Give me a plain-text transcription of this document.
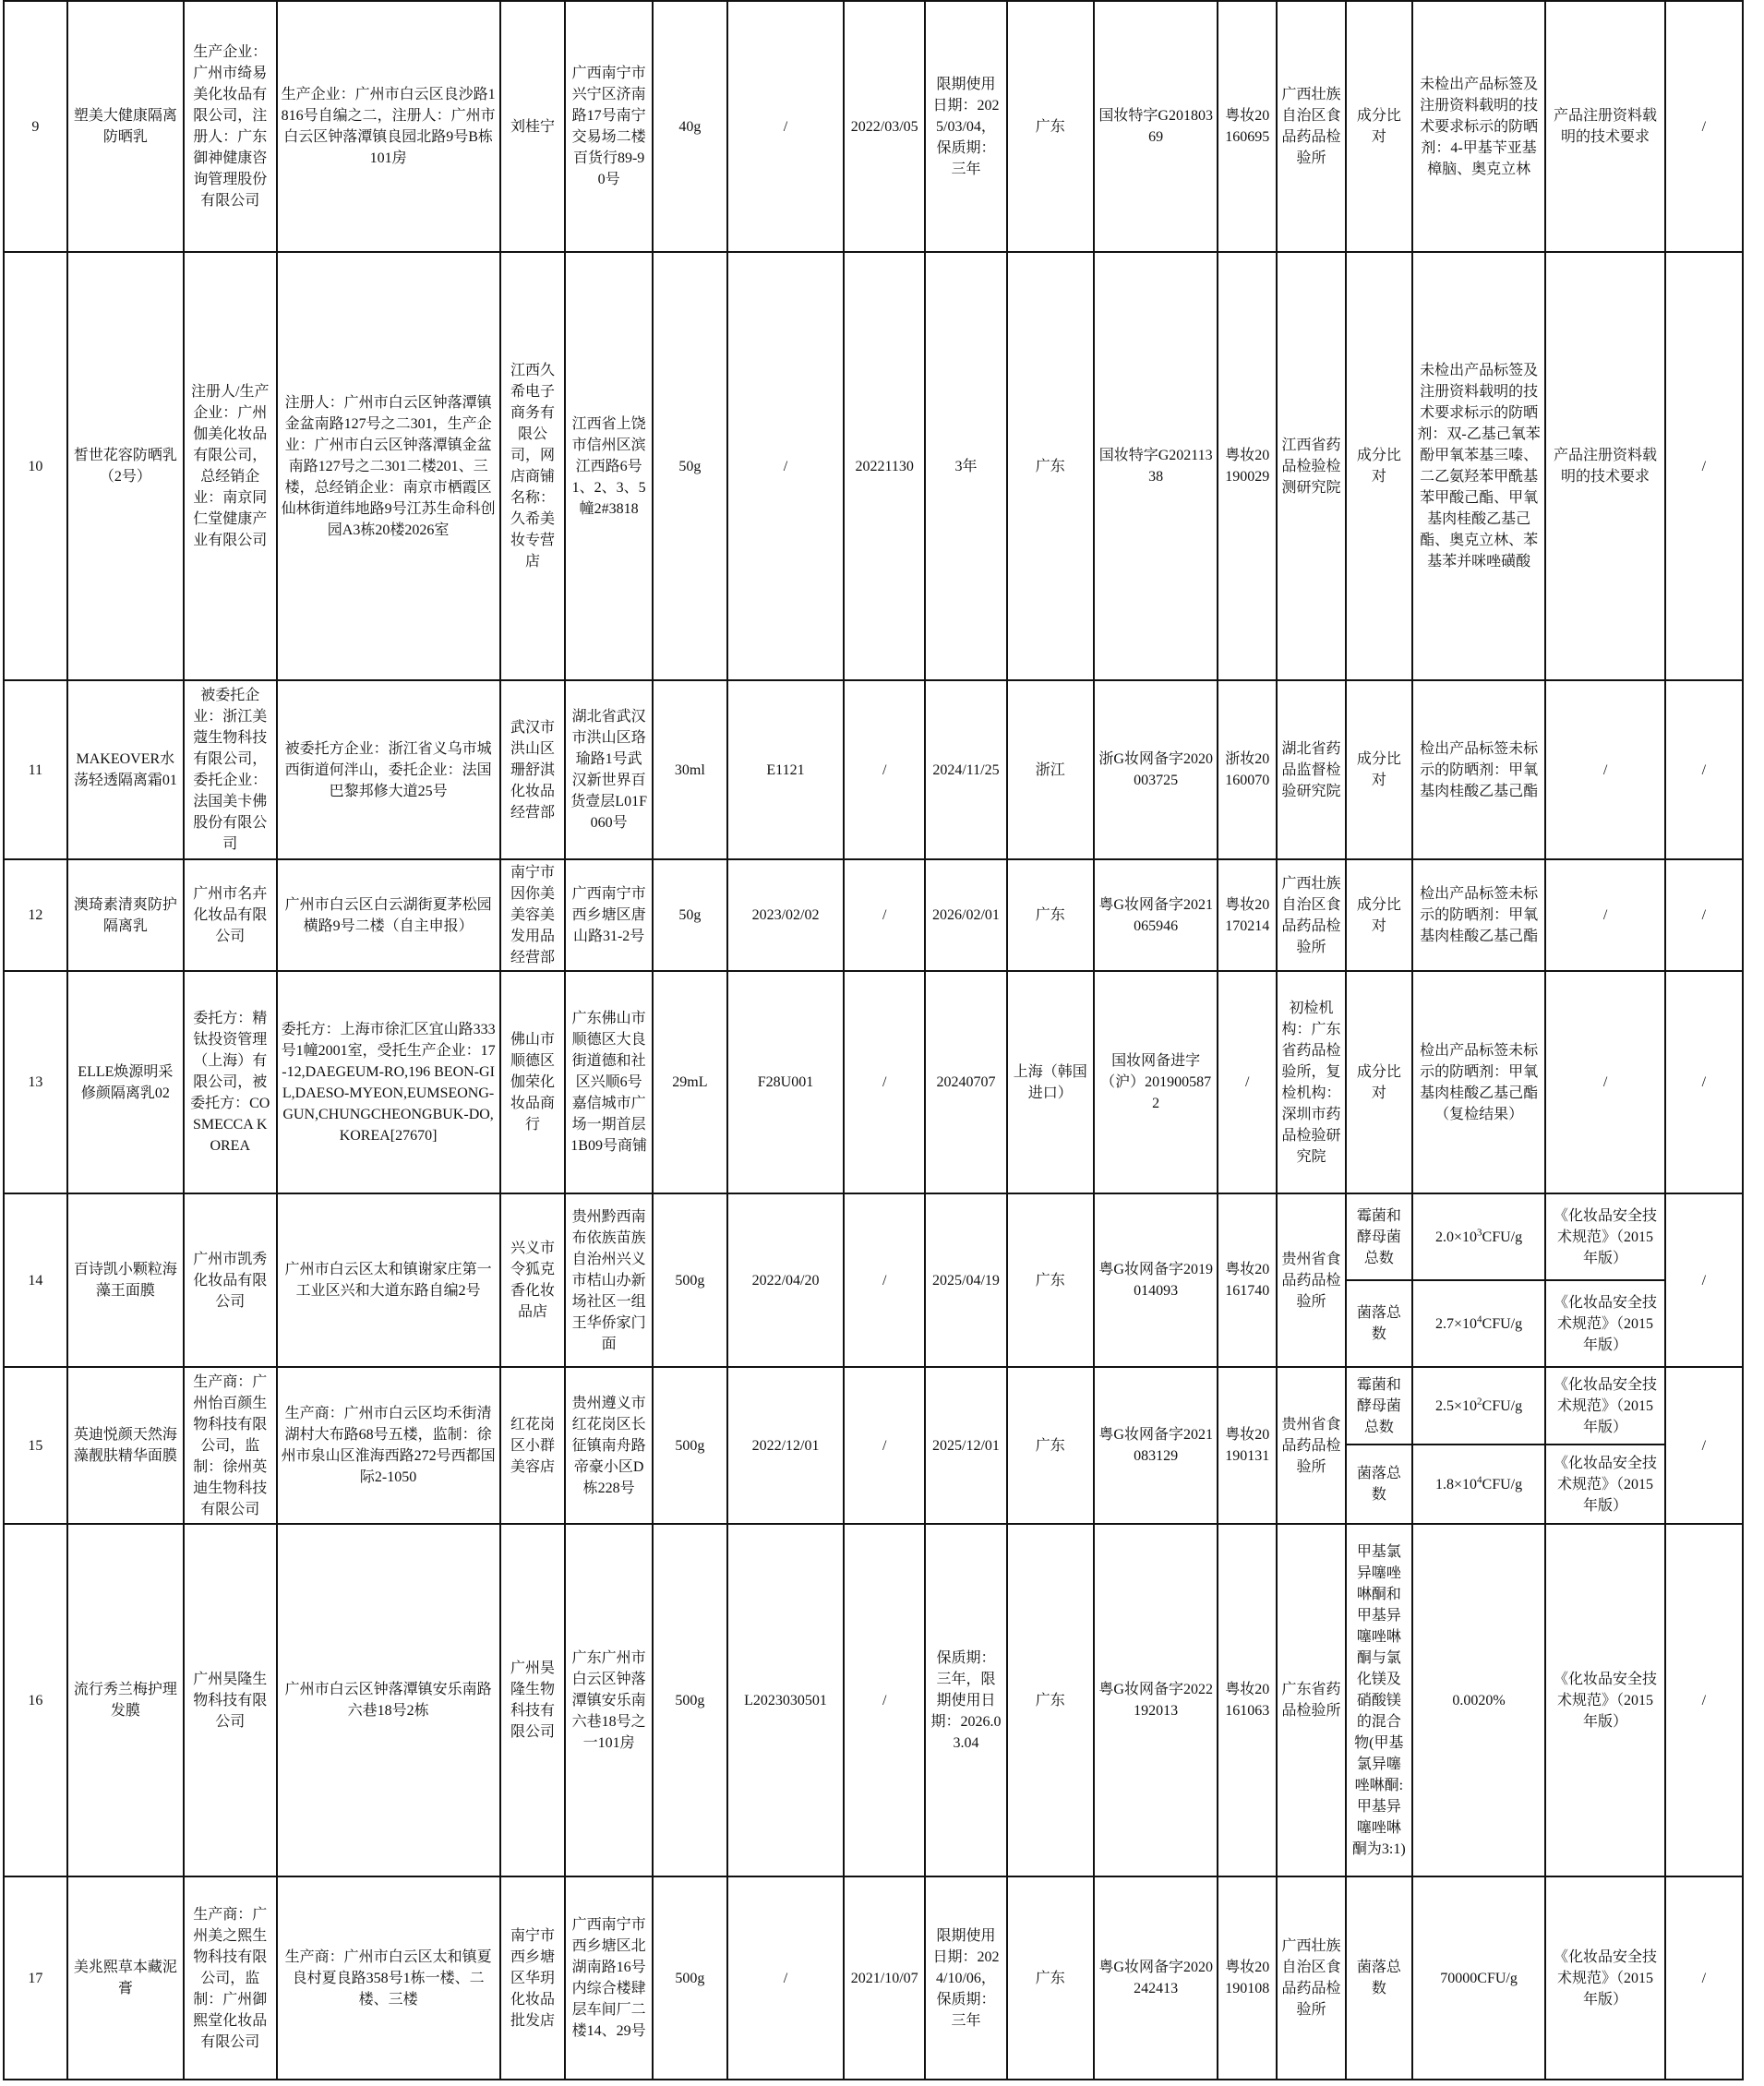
9	塑美大健康隔离防晒乳	生产企业：广州市绮易美化妆品有限公司，注册人：广东御神健康咨询管理股份有限公司	生产企业：广州市白云区良沙路1816号自编之二，注册人：广州市白云区钟落潭镇良园北路9号B栋101房	刘桂宁	广西南宁市兴宁区济南路17号南宁交易场二楼百货行89-90号	40g	/	2022/03/05	限期使用日期：2025/03/04，保质期：三年	广东	国妆特字G20180369	粤妆20160695	广西壮族自治区食品药品检验所	成分比对	未检出产品标签及注册资料载明的技术要求标示的防晒剂：4-甲基苄亚基樟脑、奥克立林	产品注册资料载明的技术要求	/
10	皙世花容防晒乳（2号）	注册人/生产企业：广州伽美化妆品有限公司，总经销企业：南京同仁堂健康产业有限公司	注册人：广州市白云区钟落潭镇金盆南路127号之二301，生产企业：广州市白云区钟落潭镇金盆南路127号之二301二楼201、三楼，总经销企业：南京市栖霞区仙林街道纬地路9号江苏生命科创园A3栋20楼2026室	江西久希电子商务有限公司，网店商铺名称：久希美妆专营店	江西省上饶市信州区滨江西路6号1、2、3、5幢2#3818	50g	/	20221130	3年	广东	国妆特字G20211338	粤妆20190029	江西省药品检验检测研究院	成分比对	未检出产品标签及注册资料载明的技术要求标示的防晒剂：双-乙基己氧苯酚甲氧苯基三嗪、二乙氨羟苯甲酰基苯甲酸己酯、甲氧基肉桂酸乙基己酯、奥克立林、苯基苯并咪唑磺酸	产品注册资料载明的技术要求	/
11	MAKEOVER水荡轻透隔离霜01	被委托企业：浙江美蔻生物科技有限公司，委托企业：法国美卡佛股份有限公司	被委托方企业：浙江省义乌市城西街道何泮山，委托企业：法国巴黎邦修大道25号	武汉市洪山区珊舒淇化妆品经营部	湖北省武汉市洪山区珞瑜路1号武汉新世界百货壹层L01F060号	30ml	E1121	/	2024/11/25	浙江	浙G妆网备字2020003725	浙妆20160070	湖北省药品监督检验研究院	成分比对	检出产品标签未标示的防晒剂：甲氧基肉桂酸乙基己酯	/	/
12	澳琦素清爽防护隔离乳	广州市名卉化妆品有限公司	广州市白云区白云湖街夏茅松园横路9号二楼（自主申报）	南宁市因你美美容美发用品经营部	广西南宁市西乡塘区唐山路31-2号	50g	2023/02/02	/	2026/02/01	广东	粤G妆网备字2021065946	粤妆20170214	广西壮族自治区食品药品检验所	成分比对	检出产品标签未标示的防晒剂：甲氧基肉桂酸乙基己酯	/	/
13	ELLE焕源明采修颜隔离乳02	委托方：精钛投资管理（上海）有限公司，被委托方：COSMECCA KOREA	委托方：上海市徐汇区宜山路333号1幢2001室，受托生产企业：17-12,DAEGEUM-RO,196 BEON-GIL,DAESO-MYEON,EUMSEONG-GUN,CHUNGCHEONGBUK-DO,KOREA[27670]	佛山市顺德区伽荣化妆品商行	广东佛山市顺德区大良街道德和社区兴顺6号嘉信城市广场一期首层1B09号商铺	29mL	F28U001	/	20240707	上海（韩国进口）	国妆网备进字（沪）2019005872	/	初检机构：广东省药品检验所，复检机构：深圳市药品检验研究院	成分比对	检出产品标签未标示的防晒剂：甲氧基肉桂酸乙基己酯（复检结果）	/	/
14	百诗凯小颗粒海藻王面膜	广州市凯秀化妆品有限公司	广州市白云区太和镇谢家庄第一工业区兴和大道东路自编2号	兴义市令狐克香化妆品店	贵州黔西南布依族苗族自治州兴义市桔山办新场社区一组王华侨家门面	500g	2022/04/20	/	2025/04/19	广东	粤G妆网备字2019014093	粤妆20161740	贵州省食品药品检验所	霉菌和酵母菌总数	$2.0\times 10^3CFU/g$	《化妆品安全技术规范》（2015年版）	/
														菌落总数	$2.7\times 10^4CFU/g$	《化妆品安全技术规范》（2015年版）	
15	英迪悦颜天然海藻靓肤精华面膜	生产商：广州怡百颜生物科技有限公司，监制：徐州英迪生物科技有限公司	生产商：广州市白云区均禾街清湖村大布路68号五楼，监制：徐州市泉山区淮海西路272号西都国际2-1050	红花岗区小群美容店	贵州遵义市红花岗区长征镇南舟路帝豪小区D栋228号	500g	2022/12/01	/	2025/12/01	广东	粤G妆网备字2021083129	粤妆20190131	贵州省食品药品检验所	霉菌和酵母菌总数	$2.5\times 10^2CFU/g$	《化妆品安全技术规范》（2015年版）	/
														菌落总数	$1.8\times 10^4CFU/g$	《化妆品安全技术规范》（2015年版）	
16	流行秀兰梅护理发膜	广州昊隆生物科技有限公司	广州市白云区钟落潭镇安乐南路六巷18号2栋	广州昊隆生物科技有限公司	广东广州市白云区钟落潭镇安乐南六巷18号之一101房	500g	L2023030501	/	保质期：三年，限期使用日期：2026.03.04	广东	粤G妆网备字2022192013	粤妆20161063	广东省药品检验所	甲基氯异噻唑啉酮和甲基异噻唑啉酮与氯化镁及硝酸镁的混合物(甲基氯异噻唑啉酮:甲基异噻唑啉酮为3:1)	0.0020%	《化妆品安全技术规范》（2015年版）	/
17	美兆熙草本藏泥膏	生产商：广州美之熙生物科技有限公司，监制：广州御熙堂化妆品有限公司	生产商：广州市白云区太和镇夏良村夏良路358号1栋一楼、二楼、三楼	南宁市西乡塘区华玥化妆品批发店	广西南宁市西乡塘区北湖南路16号内综合楼肆层车间厂二楼14、29号	500g	/	2021/10/07	限期使用日期：2024/10/06，保质期：三年	广东	粤G妆网备字2020242413	粤妆20190108	广西壮族自治区食品药品检验所	菌落总数	70000CFU/g	《化妆品安全技术规范》（2015年版）	/
